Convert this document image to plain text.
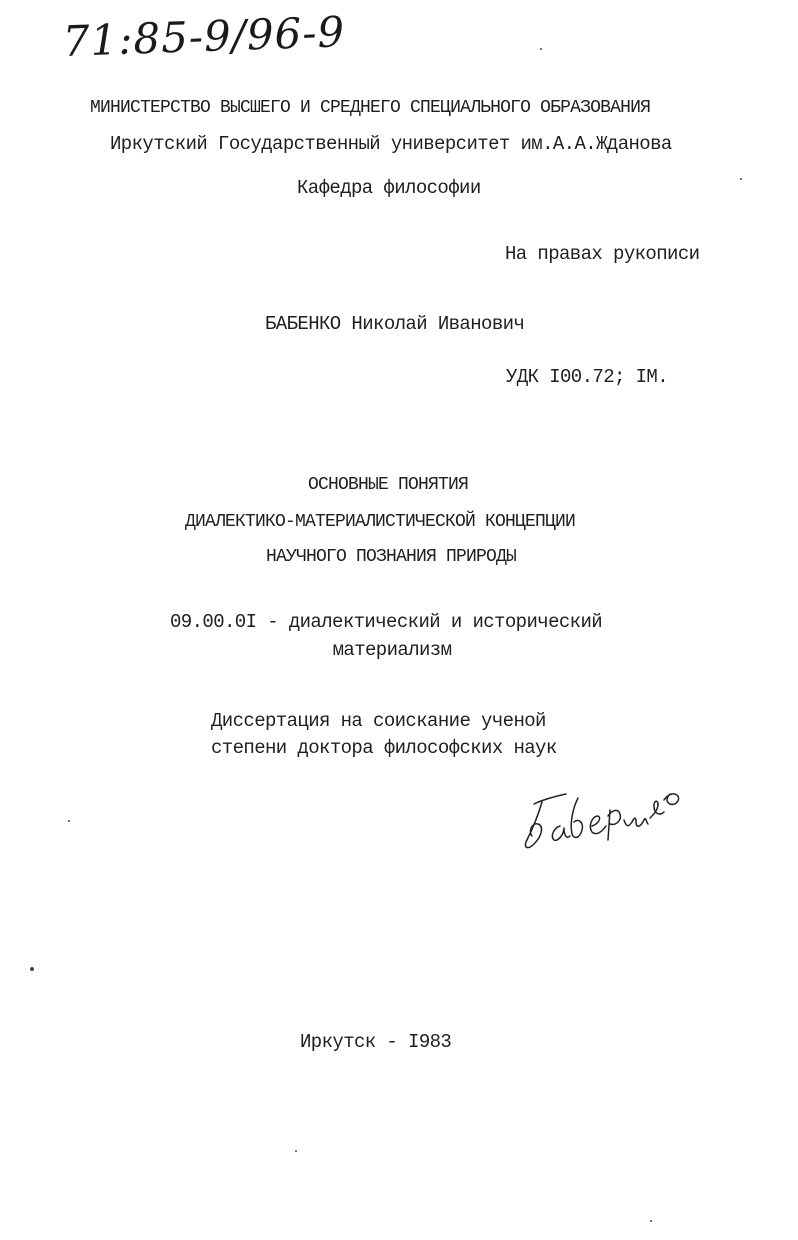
71:85-9/96-9
МИНИСТЕРСТВО ВЫСШЕГО И СРЕДНЕГО СПЕЦИАЛЬНОГО ОБРАЗОВАНИЯ
Иркутский Государственный университет им.А.А.Жданова
Кафедра философии
На правах рукописи
БАБЕНКО Николай Иванович
УДК I00.72; IM.
ОСНОВНЫЕ ПОНЯТИЯ
ДИАЛЕКТИКО-МАТЕРИАЛИСТИЧЕСКОЙ КОНЦЕПЦИИ
НАУЧНОГО ПОЗНАНИЯ ПРИРОДЫ
09.00.0I - диалектический и исторический
материализм
Диссертация на соискание ученой
степени доктора философских наук
Иркутск - I983
